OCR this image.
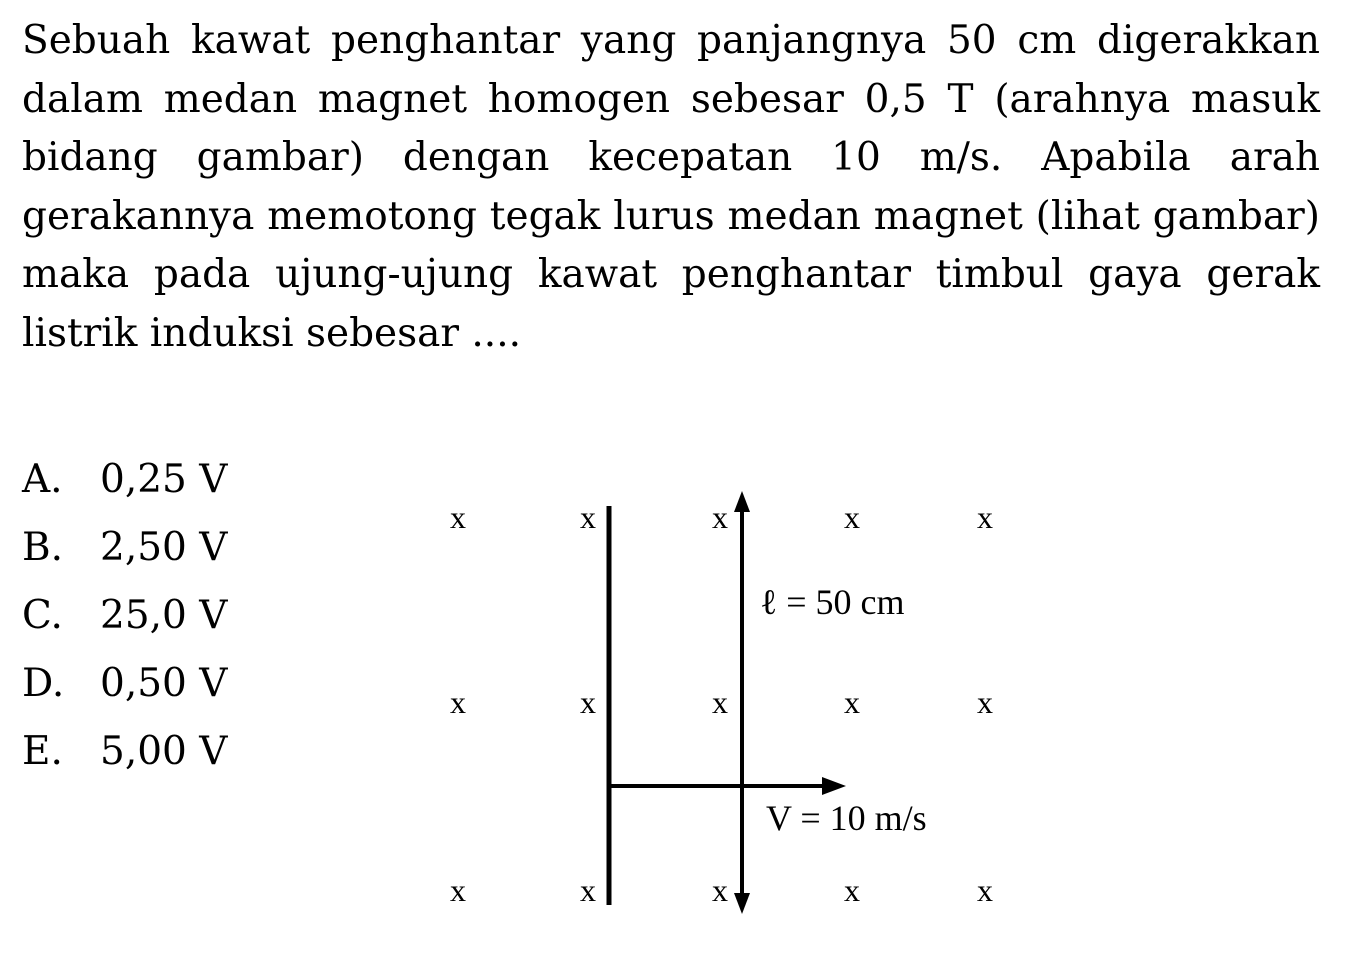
Sebuah kawat penghantar yang panjangnya 50 cm digerakkan dalam medan magnet homogen sebesar 0,5 T (arahnya masuk bidang gambar) dengan kecepatan 10 m/s. Apabila arah gerakannya memotong tegak lurus medan magnet (lihat gambar) maka pada ujung-ujung kawat penghantar timbul gaya gerak listrik induksi sebesar ....

A. 0,25 V
B. 2,50 V
C. 25,0 V
D. 0,50 V
E. 5,00 V
x	x	x	x	x
x	x	x	x	x
x	x	x	x	x
ℓ = 50 cm
V = 10 m/s
